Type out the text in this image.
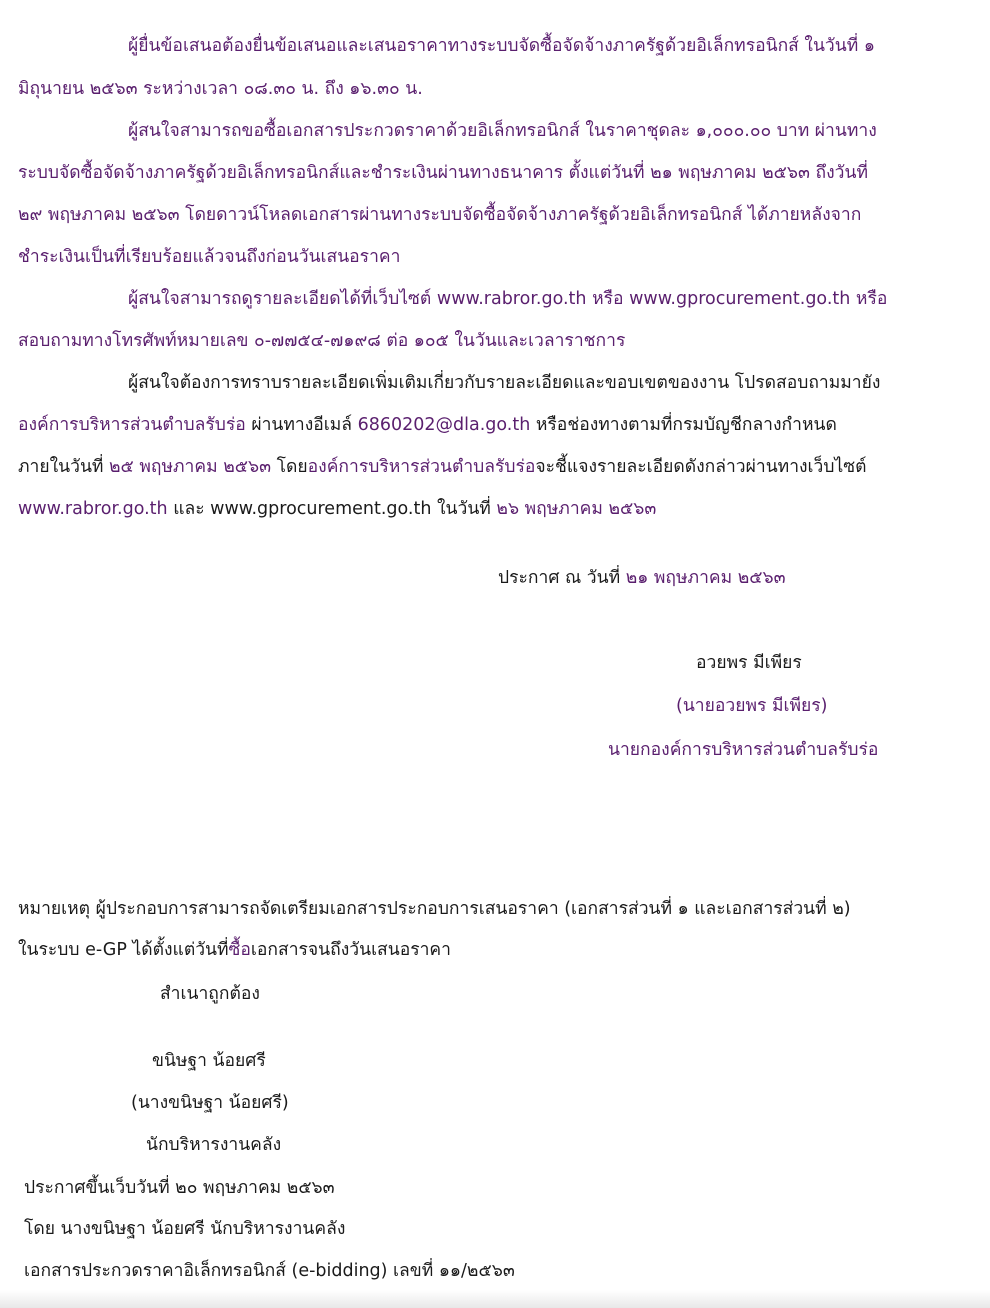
ผู้ยื่นข้อเสนอต้องยื่นข้อเสนอและเสนอราคาทางระบบจัดซื้อจัดจ้างภาครัฐด้วยอิเล็กทรอนิกส์ ในวันที่ ๑
มิถุนายน ๒๕๖๓ ระหว่างเวลา ๐๘.๓๐ น. ถึง ๑๖.๓๐ น.
ผู้สนใจสามารถขอซื้อเอกสารประกวดราคาด้วยอิเล็กทรอนิกส์ ในราคาชุดละ ๑,๐๐๐.๐๐ บาท ผ่านทาง
ระบบจัดซื้อจัดจ้างภาครัฐด้วยอิเล็กทรอนิกส์และชำระเงินผ่านทางธนาคาร ตั้งแต่วันที่ ๒๑ พฤษภาคม ๒๕๖๓ ถึงวันที่
๒๙ พฤษภาคม ๒๕๖๓ โดยดาวน์โหลดเอกสารผ่านทางระบบจัดซื้อจัดจ้างภาครัฐด้วยอิเล็กทรอนิกส์ ได้ภายหลังจาก
ชำระเงินเป็นที่เรียบร้อยแล้วจนถึงก่อนวันเสนอราคา
ผู้สนใจสามารถดูรายละเอียดได้ที่เว็บไซต์ www.rabror.go.th หรือ www.gprocurement.go.th หรือ
สอบถามทางโทรศัพท์หมายเลข ๐-๗๗๕๔-๗๑๙๘ ต่อ ๑๐๕ ในวันและเวลาราชการ
ผู้สนใจต้องการทราบรายละเอียดเพิ่มเติมเกี่ยวกับรายละเอียดและขอบเขตของงาน โปรดสอบถามมายัง
องค์การบริหารส่วนตำบลรับร่อ ผ่านทางอีเมล์ 6860202@dla.go.th หรือช่องทางตามที่กรมบัญชีกลางกำหนด
ภายในวันที่ ๒๕ พฤษภาคม ๒๕๖๓ โดยองค์การบริหารส่วนตำบลรับร่อจะชี้แจงรายละเอียดดังกล่าวผ่านทางเว็บไซต์
www.rabror.go.th และ www.gprocurement.go.th ในวันที่ ๒๖ พฤษภาคม ๒๕๖๓
ประกาศ ณ วันที่ ๒๑ พฤษภาคม ๒๕๖๓
อวยพร มีเพียร
(นายอวยพร มีเพียร)
นายกองค์การบริหารส่วนตำบลรับร่อ
หมายเหตุ ผู้ประกอบการสามารถจัดเตรียมเอกสารประกอบการเสนอราคา (เอกสารส่วนที่ ๑ และเอกสารส่วนที่ ๒)
ในระบบ e-GP ได้ตั้งแต่วันที่ซื้อเอกสารจนถึงวันเสนอราคา
สำเนาถูกต้อง
ขนิษฐา น้อยศรี
(นางขนิษฐา น้อยศรี)
นักบริหารงานคลัง
ประกาศขึ้นเว็บวันที่ ๒๐ พฤษภาคม ๒๕๖๓
โดย นางขนิษฐา น้อยศรี นักบริหารงานคลัง
เอกสารประกวดราคาอิเล็กทรอนิกส์ (e-bidding) เลขที่ ๑๑/๒๕๖๓
